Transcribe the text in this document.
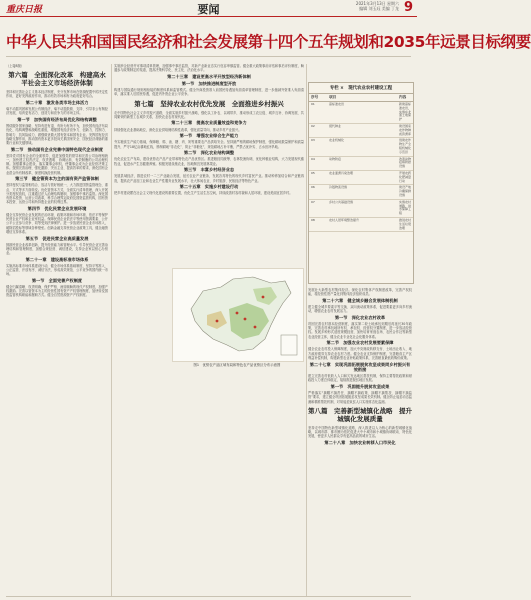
重庆日报	要闻	2021年3月13日 星期六
编辑 刘玉珏 美编 丁龙 9
中华人民共和国国民经济和社会发展第十四个五年规划和2035年远景目标纲要
（上接8版）
第六篇　全面深化改革　构建高水平社会主义市场经济体制
坚持和完善社会主义基本经济制度，充分发挥市场在资源配置中的决定性作用，更好发挥政府作用，推动有效市场和有为政府更好结合。
第二十章　激发各类市场主体活力
毫不动摇巩固和发展公有制经济，毫不动摇鼓励、支持、引导非公有制经济发展，培育更有活力、创造力和竞争力的市场主体。
第一节　加快国有经济布局优化和结构调整
围绕服务国家战略，坚持有进有退、有所为有所不为，加快国有经济布局优化、结构调整和战略性重组，增强国有经济竞争力、创新力、控制力、影响力、抗风险能力，做强做优做大国有资本和国有企业。发挥国有经济战略支撑作用，推动国有资本更多投向关系国家安全、国民经济命脉的重要行业和关键领域。
第二节　推动国有企业完善中国特色现代企业制度
坚持党对国有企业的全面领导，促进加强党的领导和完善公司治理相统一，加快建立权责法定、权责透明、协调运转、有效制衡的公司治理机制。加强董事会建设，落实董事会职权，使董事会成为企业经营决策主体。按照完善治理、强化激励、突出主业、提高效率的要求，深化国有企业混合所有制改革，深度转换经营机制。
第三节　健全管资本为主的国有资产监管体制
坚持授权与监管相结合、放活与管好相统一，大力推进国资监管理念、重点、方式等多方面转变。优化管资本方式，全面实行清单管理，深入开展分类授权放权，注重通过法人治理结构履职，加强事中事后监管。深化国有资本投资、运营公司改革，科学合理界定政府及国资监管机构，国有资本投资、运营公司和所持股企业的权利边界。
第四节　优化民营企业发展环境
健全支持民营企业发展的法治环境、政策环境和市场环境，依法平等保护民营企业产权和企业家权益。保障民营企业依法平等使用资源要素、公开公平公正参与竞争、同等受到法律保护。进一步放宽民营企业市场准入，破除招投标等领域各种壁垒。创新金融支持民营企业政策工具，健全融资增信支持体系。
第五节　促进民营企业高质量发展
鼓励民营企业改革创新，提升经营能力和管理水平。引导民营企业完善治理结构和管理制度，加强合规经营、诚信建设，支持企业家以恒心办恒业。
第二十一章　建设高标准市场体系
实施高标准市场体系建设行动，健全市场体系基础制度，坚持平等准入、公正监管、开放有序、诚信守法，形成高效规范、公平竞争的国内统一市场。
第一节　全面完善产权制度
健全归属清晰、权责明确、保护严格、流转顺畅的现代产权制度，加强产权激励。完善以管资本为主的经营性国有资产产权管理制度，加快转变国资监管机构职能和履职方式。健全自然资源资产产权制度。
实施涉企经营许可事项清单管理，加强事中事后监管，对新产业新业态实行包容审慎监管。健全重大政策事前评估和事后评价制度，畅通参与政策制定的渠道，提高决策科学化、民主化、法治化水平。
第二十三章　建设更高水平开放型经济新体制
第一节　加快推进制度型开放
构建与国际通行规则相衔接的制度体系和监管模式。健全外商投资准入前国民待遇加负面清单管理制度，进一步缩减外资准入负面清单，落实准入后国民待遇，促进内外资企业公平竞争。
第七篇　坚持农业农村优先发展　全面推进乡村振兴
走中国特色社会主义乡村振兴道路，全面实施乡村振兴战略，强化以工补农、以城带乡，推动形成工农互促、城乡互补、协调发展、共同繁荣的新型工农城乡关系，加快农业农村现代化。
第二十三章　提高农业质量效益和竞争力
持续强化农业基础地位，深化农业供给侧结构性改革，强化质量导向，推动乡村产业振兴。
第一节　增强农业综合生产能力
夯实粮食生产能力基础，保障粮、棉、油、糖、肉、奶等重要农产品供给安全。坚持最严格的耕地保护制度，强化耕地数量保护和质量提升，严守18亿亩耕地红线，遏制耕地“非农化”、防止“非粮化”，规范耕地占补平衡，严禁占优补劣、占水田补旱地。
第二节　深化农业结构调整
优化农业生产布局，建设优势农产品产业带和特色农产品优势区。推进粮经饲统筹、农林牧渔协调，优化种植业结构，大力发展现代畜牧业，促进水产生态健康养殖。积极发展设施农业，因地制宜发展林果业。
第三节　丰富乡村经济业态
发展县域经济，推进农村一二三产业融合发展，延长农业产业链条，发展各具特色的现代乡村富民产业。推动种养加结合和产业链再造，提高农产品加工业和农业生产性服务业发展水平，壮大休闲农业、乡村旅游、民宿经济等特色产业。
第二十五章　实施乡村建设行动
把乡村建设摆在社会主义现代化建设的重要位置，优化生产生活生态空间，持续改善村容村貌和人居环境，建设美丽宜居乡村。
发展壮大新型农村集体经济。深化农村集体产权制度改革，完善产权权能，将经营性资产量化到集体经济组织成员。
第二十六章　健全城乡融合发展体制机制
建立健全城乡要素平等交换、双向流动政策体系，促进要素更多向乡村流动，增强农业农村发展活力。
第一节　深化农业农村改革
巩固完善农村基本经营制度，落实第二轮土地承包到期后再延长30年政策，完善农村承包地所有权、承包权、经营权分置制度，进一步放活经营权。发展多种形式适度规模经营，加快培育家庭农场、农民合作社等新型农业经营主体，健全农业专业化社会化服务体系。
第二节　加强农业农村发展要素保障
健全农业农村投入保障制度，加大中央财政转移支付、土地出让收入、地方政府债券支持农业农村力度。健全农业支持保护制度，完善粮食主产区利益补偿机制，构建新型农业补贴政策体系，完善粮食最低收购价政策。
第二十七章　实现巩固拓展脱贫攻坚成果同乡村振兴有效衔接
建立完善农村低收入人口和欠发达地区帮扶机制，保持主要帮扶政策和财政投入力度总体稳定，接续推进脱贫地区发展。
第一节　巩固提升脱贫攻坚成果
严格落实“摘帽不摘责任、摘帽不摘政策、摘帽不摘帮扶、摘帽不摘监管”要求，建立健全巩固拓展脱贫攻坚成果长效机制。健全防止返贫动态监测和精准帮扶机制，对易返贫致贫人口实施常态化监测。
第八篇　完善新型城镇化战略　提升城镇化发展质量
坚持走中国特色新型城镇化道路，深入推进以人为核心的新型城镇化战略，以城市群、都市圈为依托促进大中小城市和小城镇协调联动、特色化发展，使更多人民群众享有更高品质的城市生活。
第二十八章　加快农业转移人口市民化
专栏 ×　现代农业农村建设工程
序号	项目	内容
01	高标准农田	新建高标准农田，实施东北黑土地保护
02	现代种业	建设国家农作物种质资源库
03	农业机械化	创建农作物生产全程机械化示范县
04	动物防疫	改善动物疫病防控设施
05	农业面源污染治理	开展农药化肥减量行动
06	冷链物流设施	建设产地冷藏保鲜设施
07	乡村公共基础设施	实施农村道路、供水保障工程
08	农村人居环境整治提升	推进农村生活垃圾治理
图1　优势农产品区域布局和特色农产品优势区分布示意图
